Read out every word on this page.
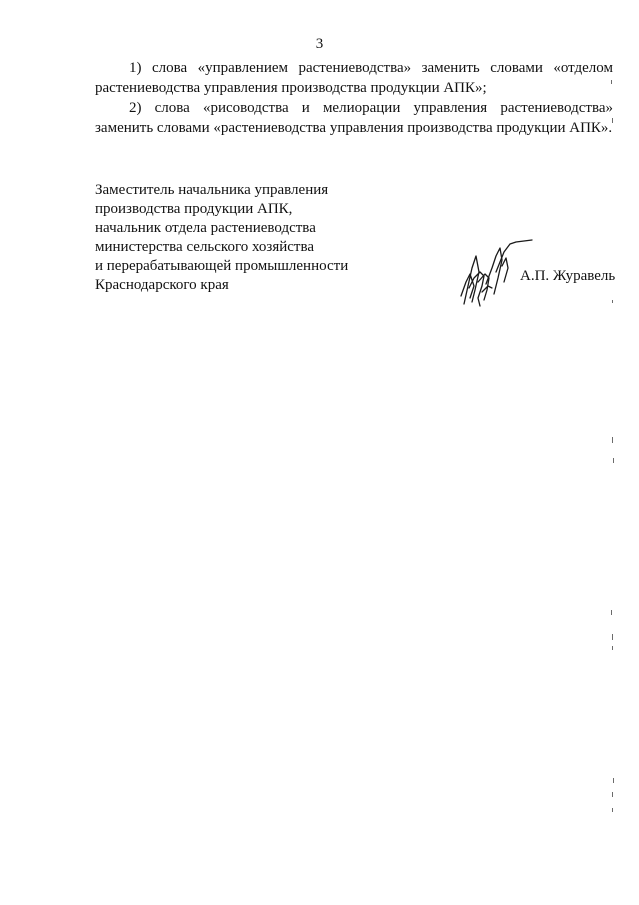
3

1) слова «управлением растениеводства» заменить словами «отделом растениеводства управления производства продукции АПК»;

2) слова «рисоводства и мелиорации управления растениеводства» заменить словами «растениеводства управления производства продукции АПК».

Заместитель начальника управления
производства продукции АПК,
начальник отдела растениеводства
министерства сельского хозяйства
и перерабатывающей промышленности
Краснодарского края
А.П. Журавель
